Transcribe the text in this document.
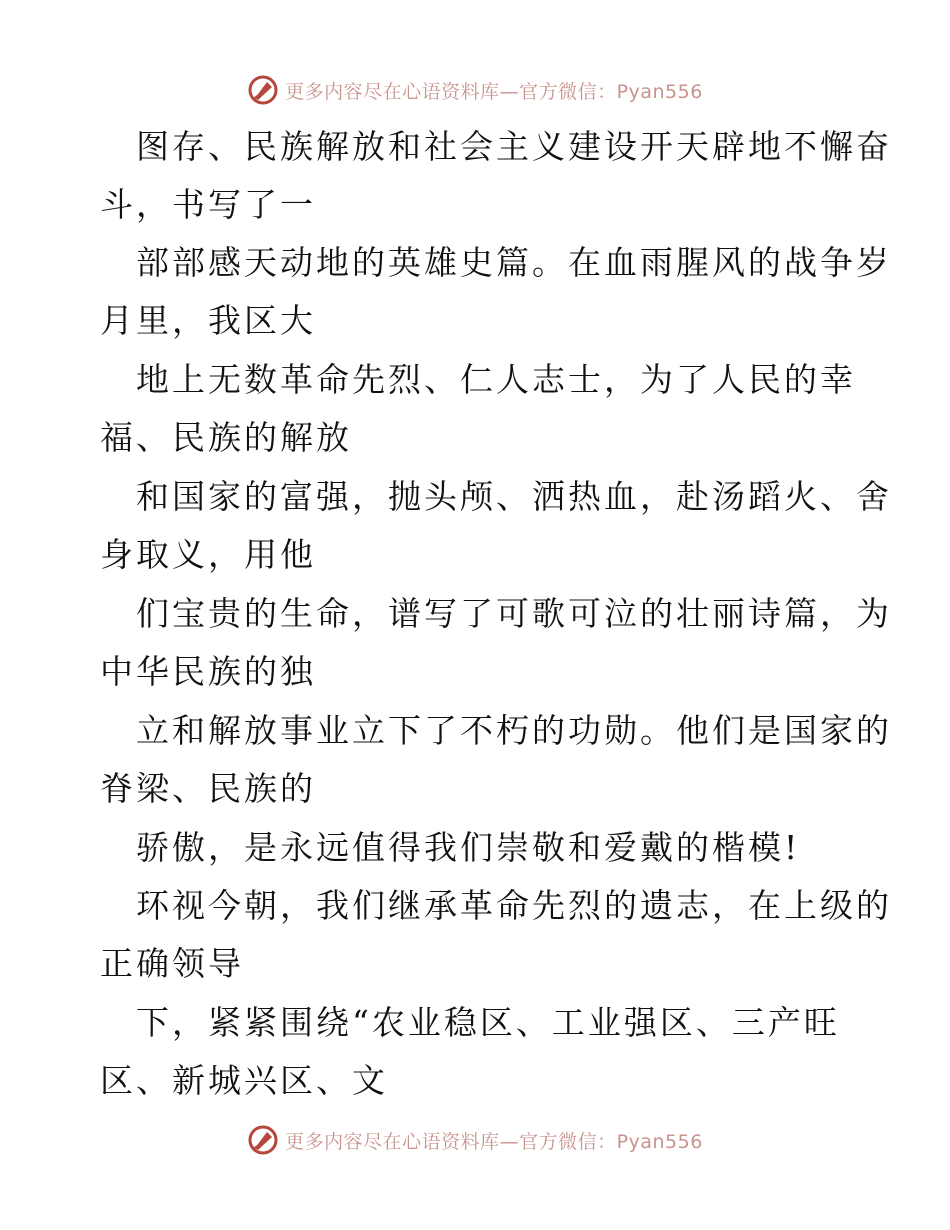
更多内容尽在心语资料库—官方微信：Pyan556
图存、民族解放和社会主义建设开天辟地不懈奋
斗，书写了一
部部感天动地的英雄史篇。在血雨腥风的战争岁
月里，我区大
地上无数革命先烈、仁人志士，为了人民的幸
福、民族的解放
和国家的富强，抛头颅、洒热血，赴汤蹈火、舍
身取义，用他
们宝贵的生命，谱写了可歌可泣的壮丽诗篇，为
中华民族的独
立和解放事业立下了不朽的功勋。他们是国家的
脊梁、民族的
骄傲，是永远值得我们崇敬和爱戴的楷模!
环视今朝，我们继承革命先烈的遗志，在上级的
正确领导
下，紧紧围绕“农业稳区、工业强区、三产旺
区、新城兴区、文
更多内容尽在心语资料库—官方微信：Pyan556
